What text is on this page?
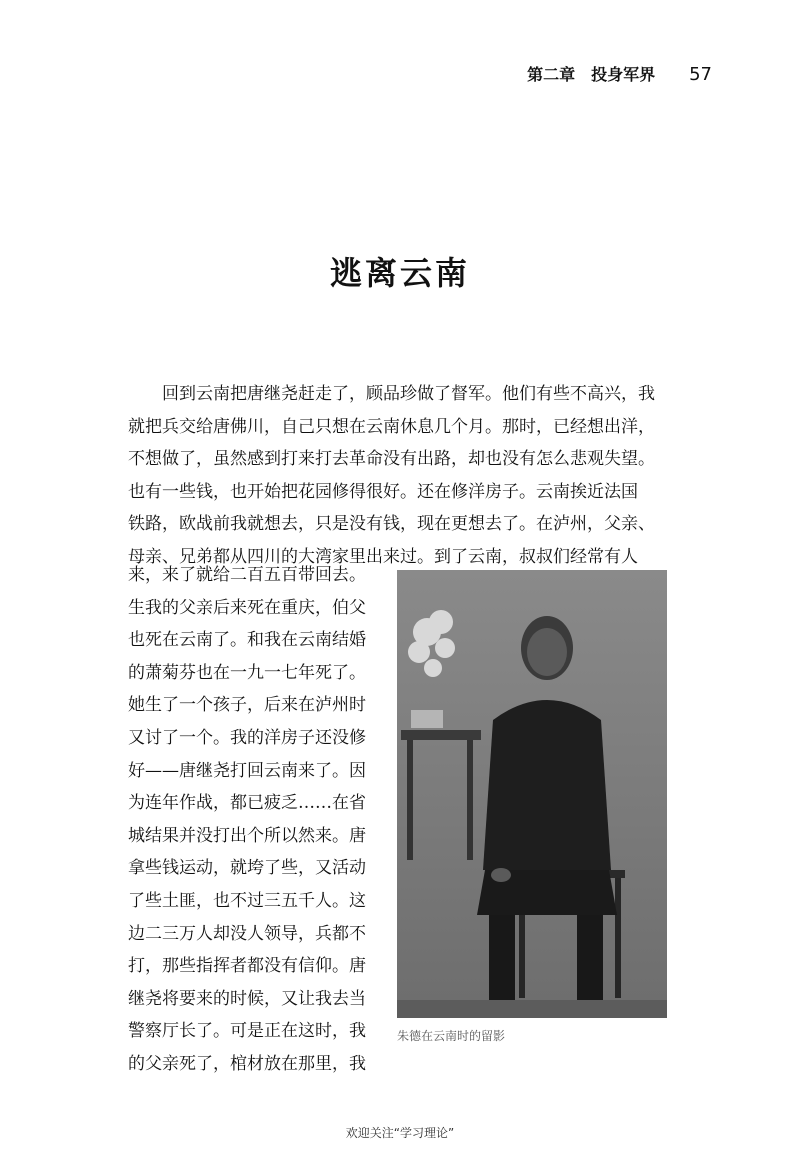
第二章　投身军界 57
逃离云南
　　回到云南把唐继尧赶走了，顾品珍做了督军。他们有些不高兴，我
就把兵交给唐佛川，自己只想在云南休息几个月。那时，已经想出洋，
不想做了，虽然感到打来打去革命没有出路，却也没有怎么悲观失望。
也有一些钱，也开始把花园修得很好。还在修洋房子。云南挨近法国
铁路，欧战前我就想去，只是没有钱，现在更想去了。在泸州，父亲、
母亲、兄弟都从四川的大湾家里出来过。到了云南，叔叔们经常有人
来，来了就给二百五百带回去。
生我的父亲后来死在重庆，伯父
也死在云南了。和我在云南结婚
的萧菊芬也在一九一七年死了。
她生了一个孩子，后来在泸州时
又讨了一个。我的洋房子还没修
好——唐继尧打回云南来了。因
为连年作战，都已疲乏……在省
城结果并没打出个所以然来。唐
拿些钱运动，就垮了些，又活动
了些土匪，也不过三五千人。这
边二三万人却没人领导，兵都不
打，那些指挥者都没有信仰。唐
继尧将要来的时候，又让我去当
警察厅长了。可是正在这时，我
的父亲死了，棺材放在那里，我
朱德在云南时的留影
欢迎关注“学习理论”
